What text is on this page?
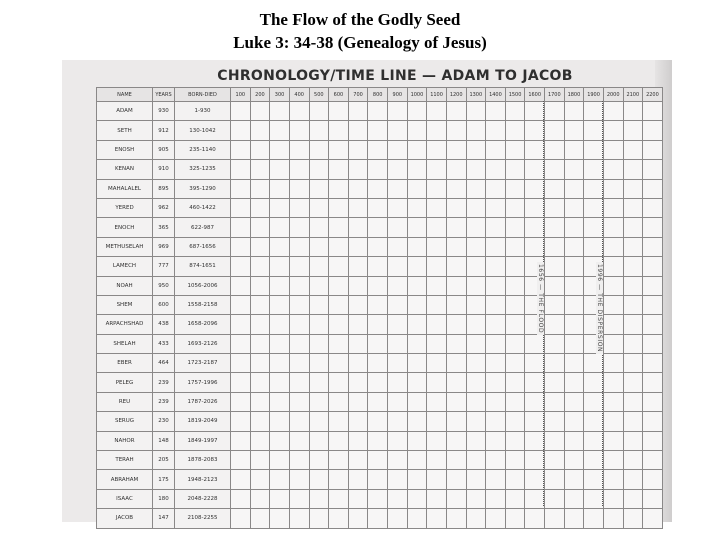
The Flow of the Godly Seed
Luke 3: 34-38 (Genealogy of Jesus)
CHRONOLOGY/TIME LINE — ADAM TO JACOB
NAME	YEARS	BORN-DIED	100	200	300	400	500	600	700	800	900	1000	1100	1200	1300	1400	1500	1600	1700	1800	1900	2000	2100	2200
ADAM	930	1-930																						
SETH	912	130-1042																						
ENOSH	905	235-1140																						
KENAN	910	325-1235																						
MAHALALEL	895	395-1290																						
YERED	962	460-1422																						
ENOCH	365	622-987																						
METHUSELAH	969	687-1656																						
LAMECH	777	874-1651																						
NOAH	950	1056-2006																						
SHEM	600	1558-2158																						
ARPACHSHAD	438	1658-2096																						
SHELAH	433	1693-2126																						
EBER	464	1723-2187																						
PELEG	239	1757-1996																						
REU	239	1787-2026																						
SERUG	230	1819-2049																						
NAHOR	148	1849-1997																						
TERAH	205	1878-2083																						
ABRAHAM	175	1948-2123																						
ISAAC	180	2048-2228																						
JACOB	147	2108-2255																						
1656 — THE FLOOD	1996 — THE DISPERSION
